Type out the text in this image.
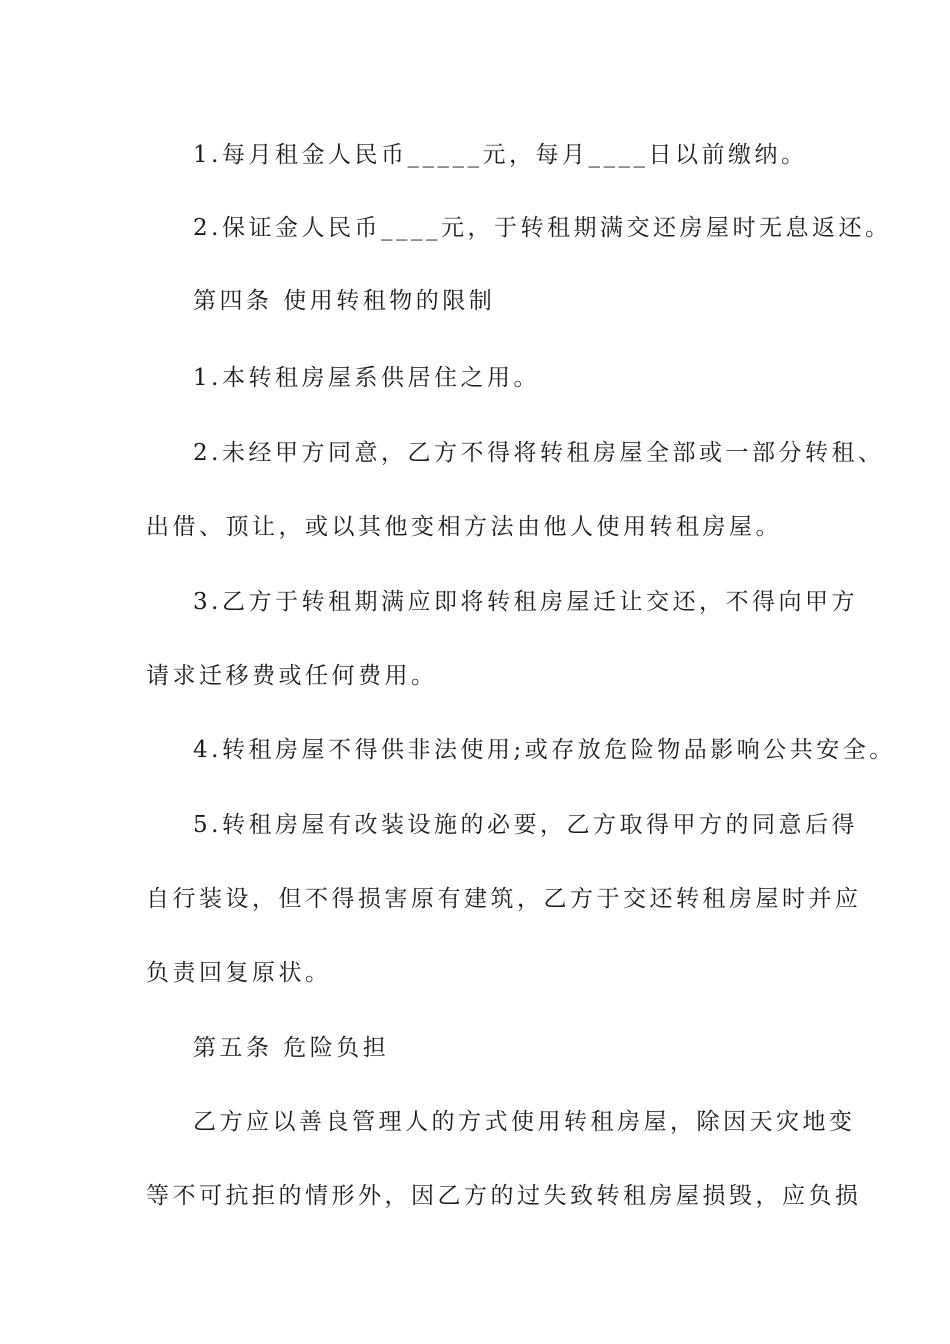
1.每月租金人民币_____元，每月____日以前缴纳。
2.保证金人民币____元，于转租期满交还房屋时无息返还。
第四条 使用转租物的限制
1.本转租房屋系供居住之用。
2.未经甲方同意，乙方不得将转租房屋全部或一部分转租、
出借、顶让，或以其他变相方法由他人使用转租房屋。
3.乙方于转租期满应即将转租房屋迁让交还，不得向甲方
请求迁移费或任何费用。
4.转租房屋不得供非法使用;或存放危险物品影响公共安全。
5.转租房屋有改装设施的必要，乙方取得甲方的同意后得
自行装设，但不得损害原有建筑，乙方于交还转租房屋时并应
负责回复原状。
第五条 危险负担
乙方应以善良管理人的方式使用转租房屋，除因天灾地变
等不可抗拒的情形外，因乙方的过失致转租房屋损毁，应负损
